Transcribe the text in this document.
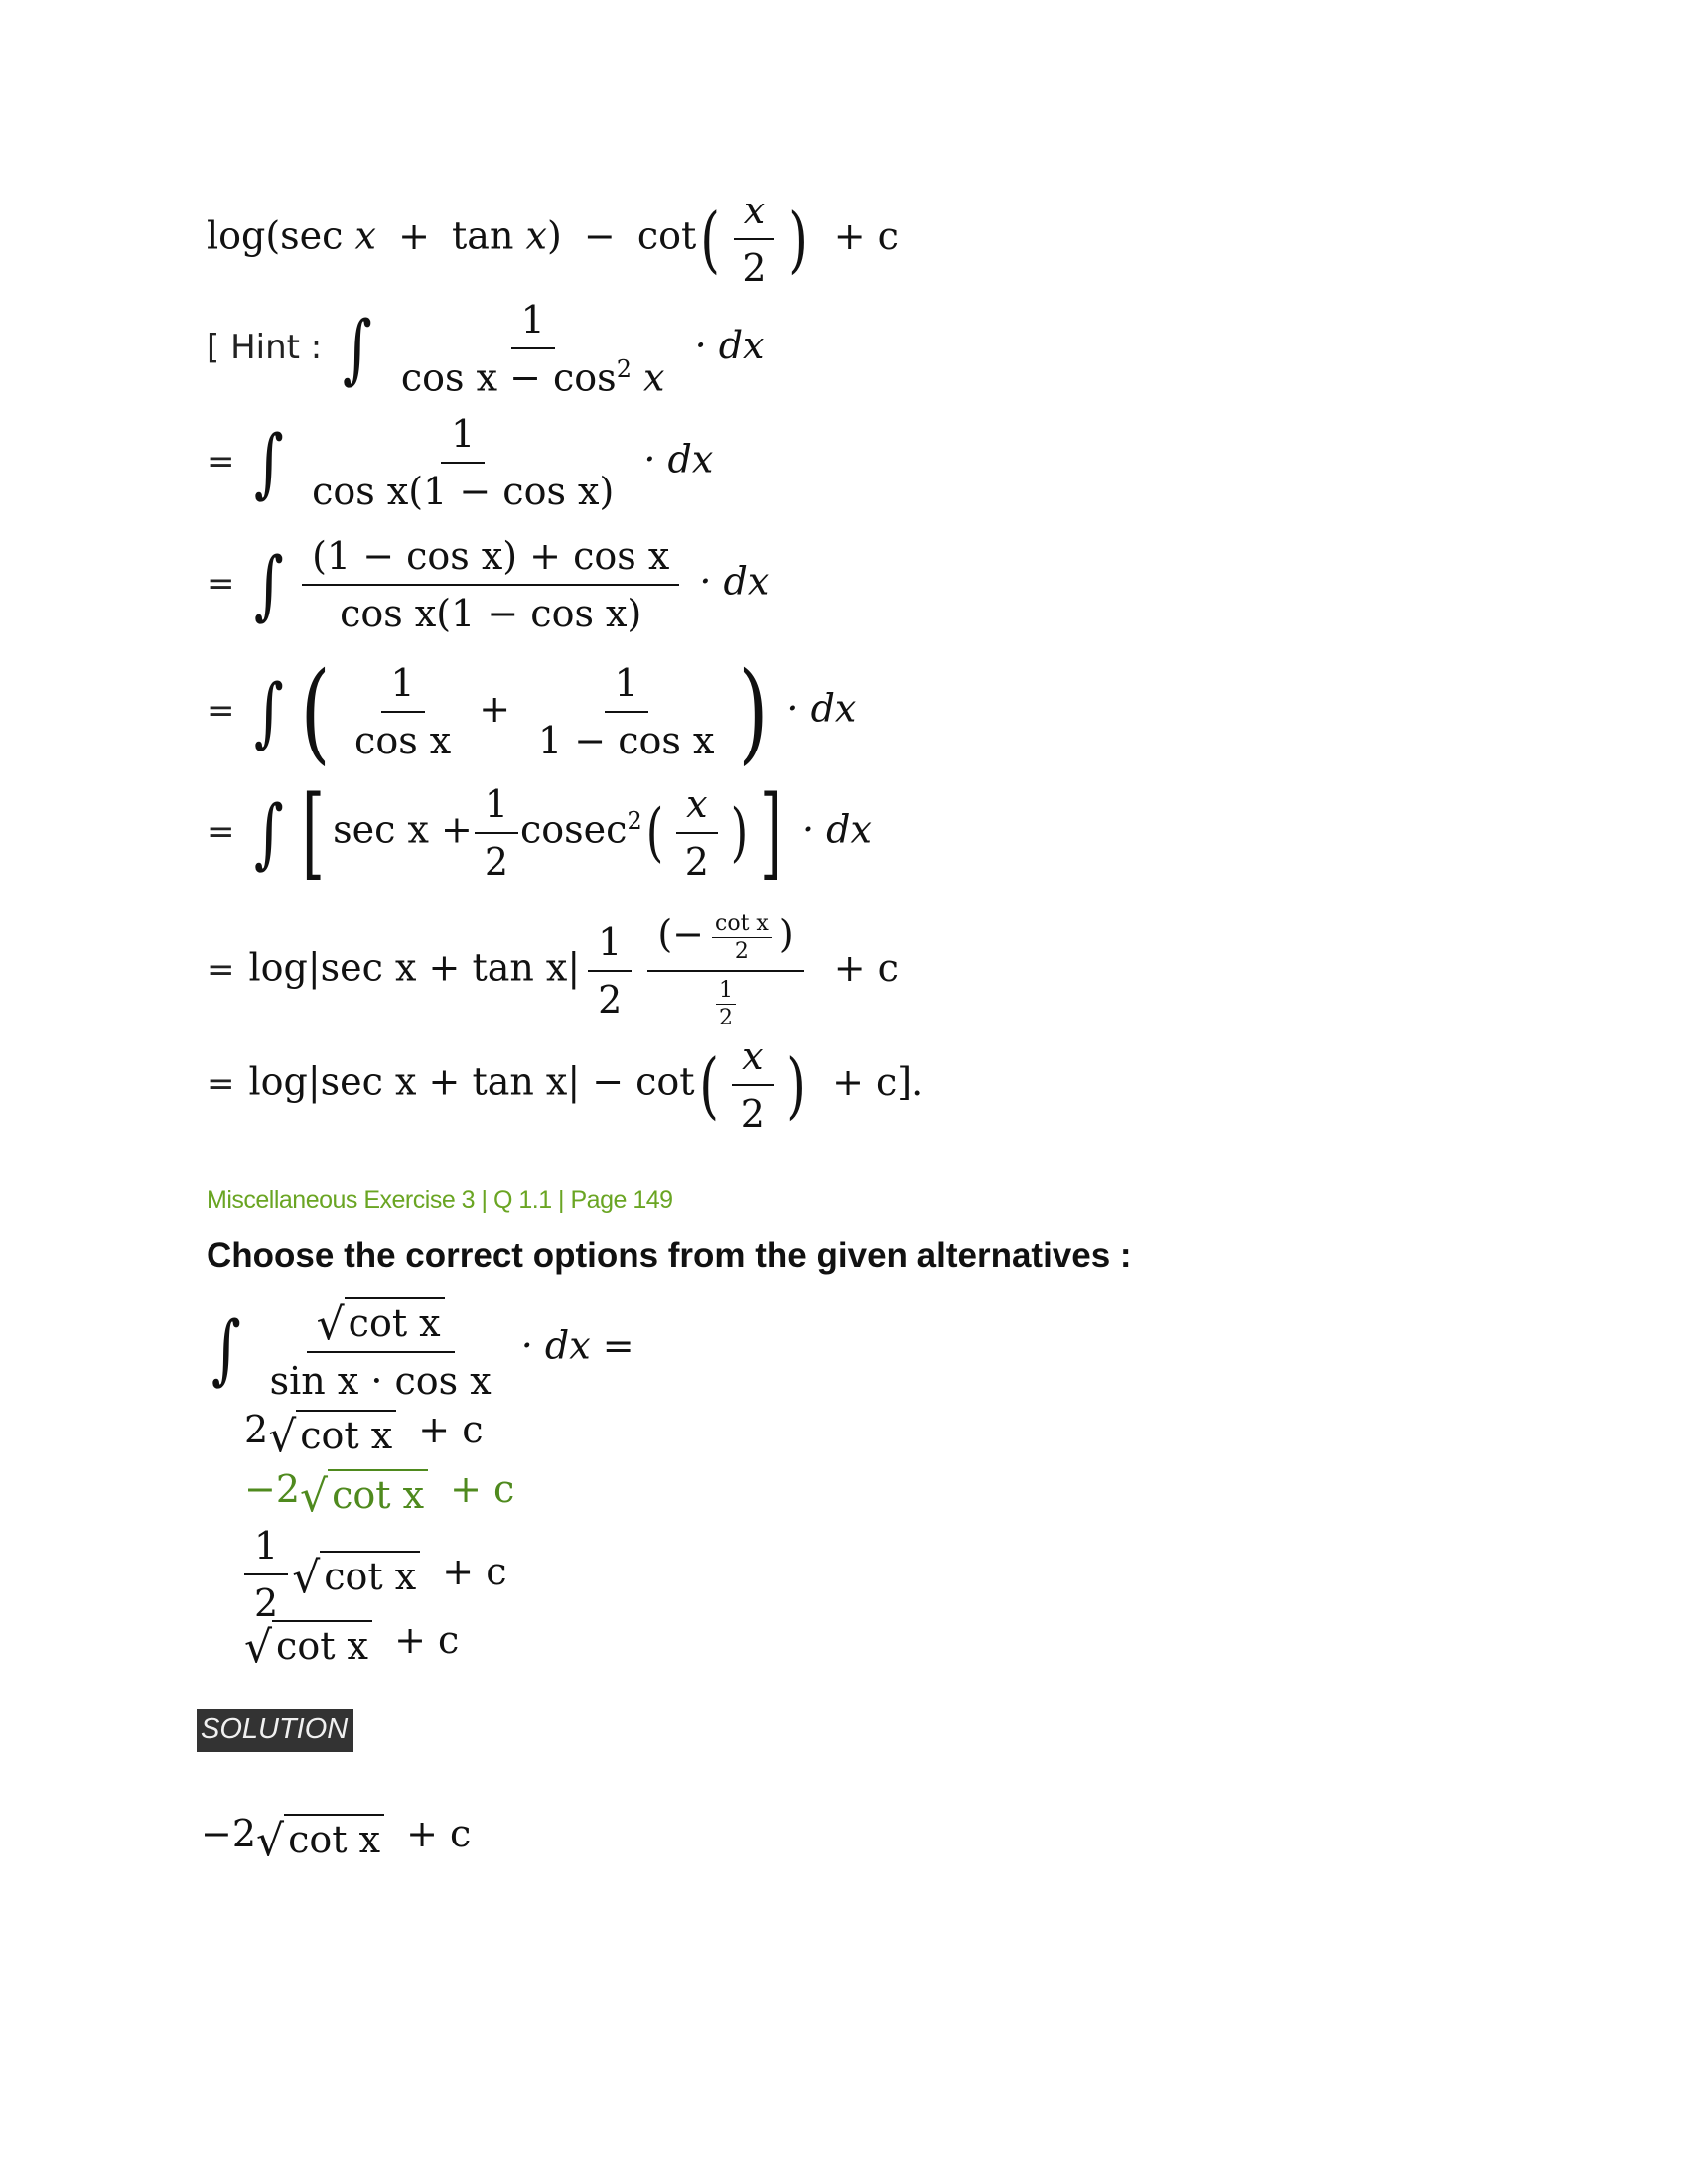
log(sec $x + \tan x) - \cot( \frac{x}{2}$ ) + c
[ Hint : ∫ $\frac{1}{\cos x - \cos^2 x}$ · dx
= ∫ $\frac{1}{\text{cos x(1 − cos x)}}$ · dx
= ∫ $\frac{\text{(1 − cos x) + cos x}}{\text{cos x(1 − cos x)}}$ · dx
= ∫ ( $\frac{1}{\text{cos x}} + \frac{1}{\text{1 − cos x}}$ ) · dx
= ∫ [ $\sec x + \frac{1}{2} cosec^2( \frac{x}{2}$ ) ] · dx
= log|sec $x + \tan x| \frac{1}{2} \frac{(- \frac{\text{cot x}}{2} )}{\frac{1}{2}} + c$
= log|sec $x + \tan x| - \cot( \frac{x}{2}$ ) + c].
Miscellaneous Exercise 3 | Q 1.1 | Page 149
Choose the correct options from the given alternatives :
∫ $\frac{\text{√ cot x}}{\text{sin x · cos x}}$ · dx =
2 √ cot x + c
−2 √ cot x + c
$\frac{1}{2}$ √ cot x + c
√ cot x + c
SOLUTION
−2 √ cot x + c
